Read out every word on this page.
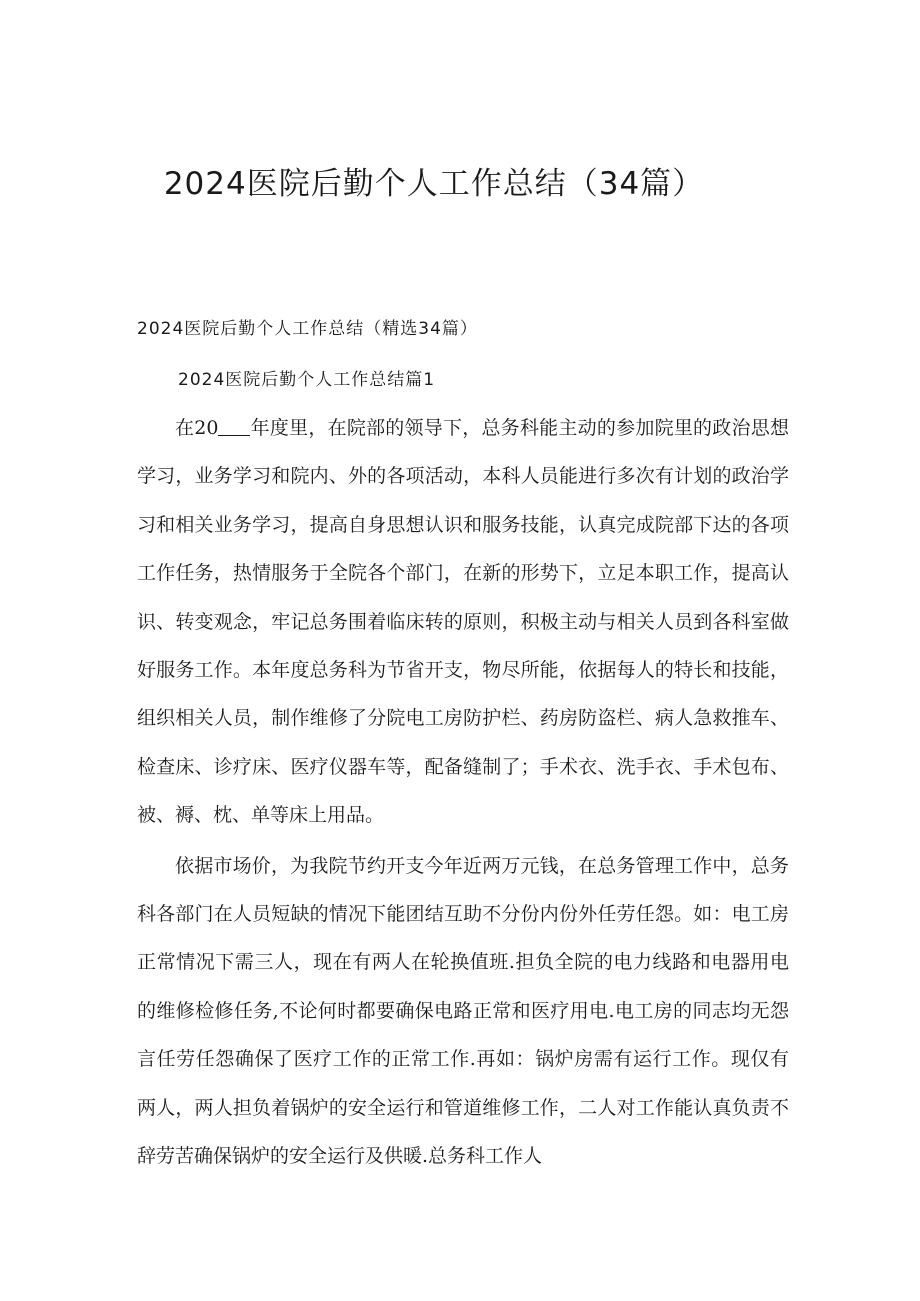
2024医院后勤个人工作总结（34篇）
2024医院后勤个人工作总结（精选34篇）
2024医院后勤个人工作总结篇1

在20 年度里，在院部的领导下，总务科能主动的参加院里的政治思想学习，业务学习和院内、外的各项活动，本科人员能进行多次有计划的政治学习和相关业务学习，提高自身思想认识和服务技能，认真完成院部下达的各项工作任务，热情服务于全院各个部门，在新的形势下，立足本职工作，提高认识、转变观念，牢记总务围着临床转的原则，积极主动与相关人员到各科室做好服务工作。本年度总务科为节省开支，物尽所能，依据每人的特长和技能，组织相关人员，制作维修了分院电工房防护栏、药房防盗栏、病人急救推车、检查床、诊疗床、医疗仪器车等，配备缝制了；手术衣、洗手衣、手术包布、被、褥、枕、单等床上用品。

依据市场价，为我院节约开支今年近两万元钱，在总务管理工作中，总务科各部门在人员短缺的情况下能团结互助不分份内份外任劳任怨。如：电工房正常情况下需三人，现在有两人在轮换值班.担负全院的电力线路和电器用电的维修检修任务,不论何时都要确保电路正常和医疗用电.电工房的同志均无怨言任劳任怨确保了医疗工作的正常工作.再如：锅炉房需有运行工作。现仅有两人，两人担负着锅炉的安全运行和管道维修工作，二人对工作能认真负责不辞劳苦确保锅炉的安全运行及供暖.总务科工作人
